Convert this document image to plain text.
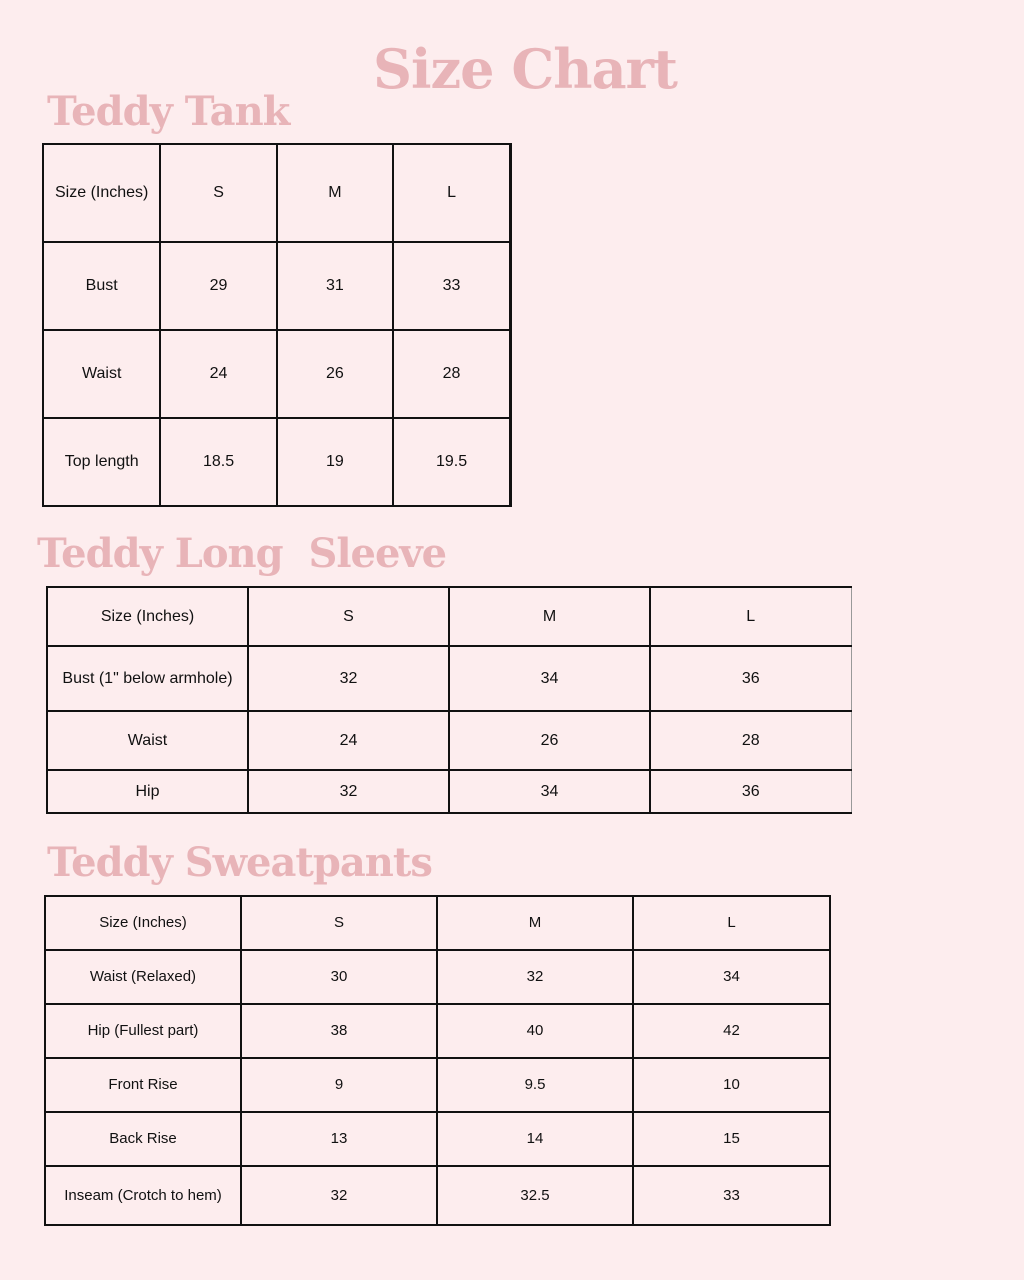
Size Chart
Teddy Tank
Size (Inches)	S	M	L
Bust	29	31	33
Waist	24	26	28
Top length	18.5	19	19.5
Teddy Long  Sleeve
Size (Inches)	S	M	L
Bust (1" below armhole)	32	34	36
Waist	24	26	28
Hip	32	34	36
Teddy Sweatpants
Size (Inches)	S	M	L
Waist (Relaxed)	30	32	34
Hip (Fullest part)	38	40	42
Front Rise	9	9.5	10
Back Rise	13	14	15
Inseam (Crotch to hem)	32	32.5	33
